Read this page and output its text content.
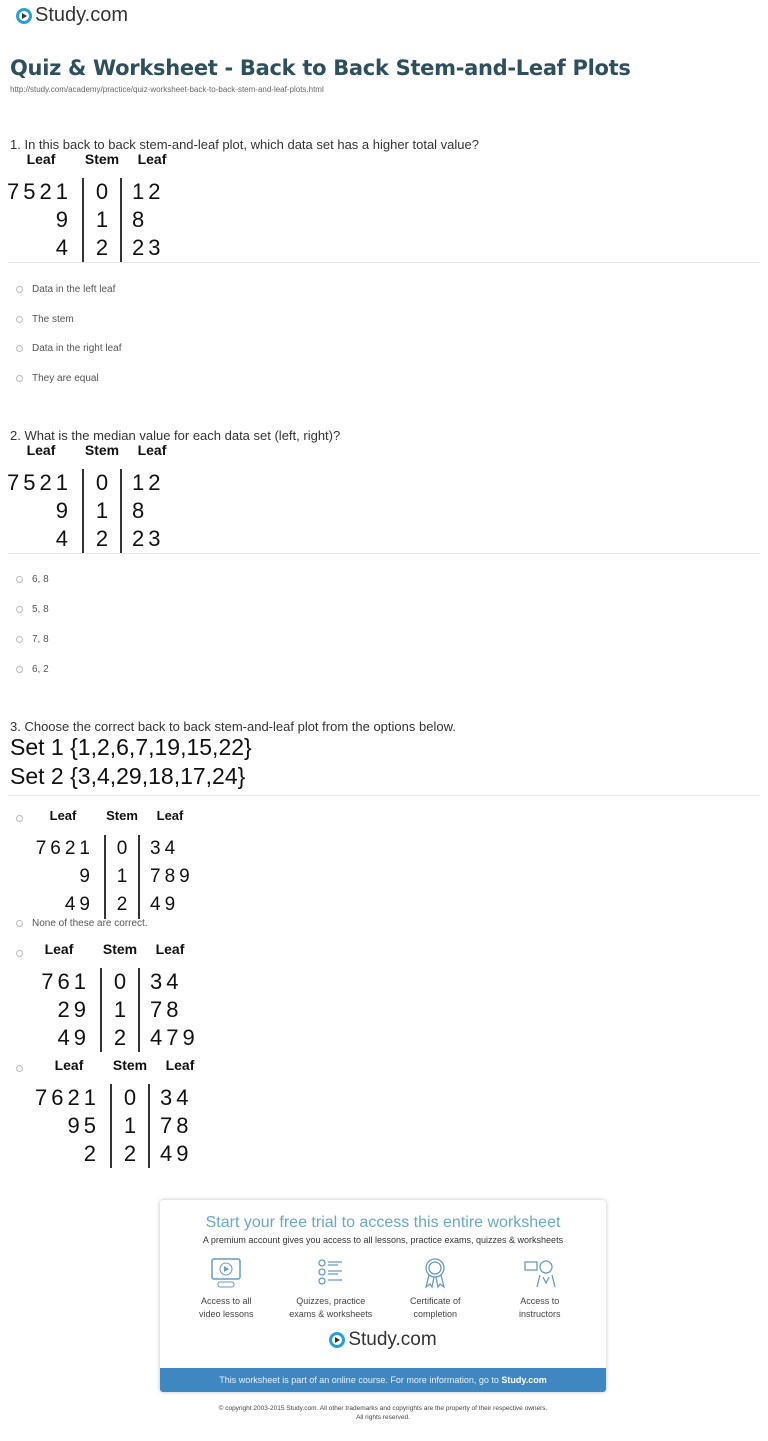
Study.com
Quiz & Worksheet - Back to Back Stem-and-Leaf Plots
http://study.com/academy/practice/quiz-worksheet-back-to-back-stem-and-leaf-plots.html
1. In this back to back stem-and-leaf plot, which data set has a higher total value?
Leaf	Stem	Leaf
7521	0	12
9	1	8
4	2	23
Data in the left leaf
The stem
Data in the right leaf
They are equal
2. What is the median value for each data set (left, right)?
Leaf	Stem	Leaf
7521	0	12
9	1	8
4	2	23
6, 8
5, 8
7, 8
6, 2
3. Choose the correct back to back stem-and-leaf plot from the options below.
Set 1 {1,2,6,7,19,15,22}
Set 2 {3,4,29,18,17,24}
Leaf	Stem	Leaf
7621	0	34
9	1	789
49	2	49
None of these are correct.
Leaf	Stem	Leaf
761	0	34
29	1	78
49	2	479
Leaf	Stem	Leaf
7621	0	34
95	1	78
2	2	49
Start your free trial to access this entire worksheet
A premium account gives you access to all lessons, practice exams, quizzes & worksheets
Access to all
video lessons
Quizzes, practice
exams & worksheets
Certificate of
completion
Access to
instructors
Study.com
This worksheet is part of an online course. For more information, go to Study.com
© copyright 2003-2015 Study.com. All other trademarks and copyrights are the property of their respective owners.
All rights reserved.
